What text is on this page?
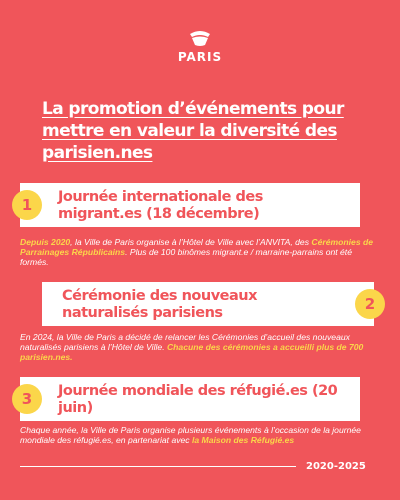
PARIS
La promotion d’événements pour mettre en valeur la diversité des parisien.nes
Journée internationale des migrant.es (18 décembre)
1
Depuis 2020, la Ville de Paris organise à l’Hôtel de Ville avec l’ANVITA, des Cérémonies de Parrainages Républicains. Plus de 100 binômes migrant.e / marraine-parrains ont été formés.
Cérémonie des nouveaux naturalisés parisiens	2
En 2024, la Ville de Paris a décidé de relancer les Cérémonies d’accueil des nouveaux naturalisés parisiens à l’Hôtel de Ville. Chacune des cérémonies a accueilli plus de 700 parisien.nes.
Journée mondiale des réfugié.es (20 juin)
3
Chaque année, la Ville de Paris organise plusieurs événements à l’occasion de la journée mondiale des réfugié.es, en partenariat avec la Maison des Réfugié.es
2020-2025
